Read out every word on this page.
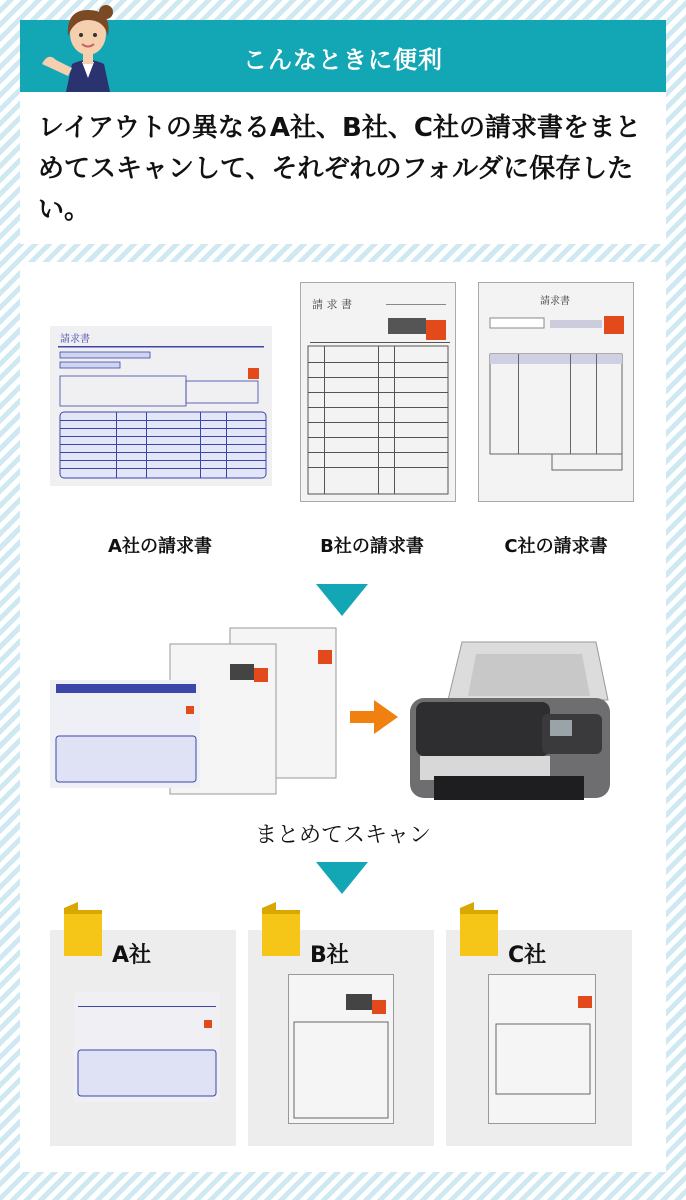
こんなときに便利
レイアウトの異なるA社、B社、C社の請求書をまとめてスキャンして、それぞれのフォルダに保存したい。
請求書
請 求 書	請求書
A社の請求書	B社の請求書	C社の請求書
まとめてスキャン
A社	B社	C社
